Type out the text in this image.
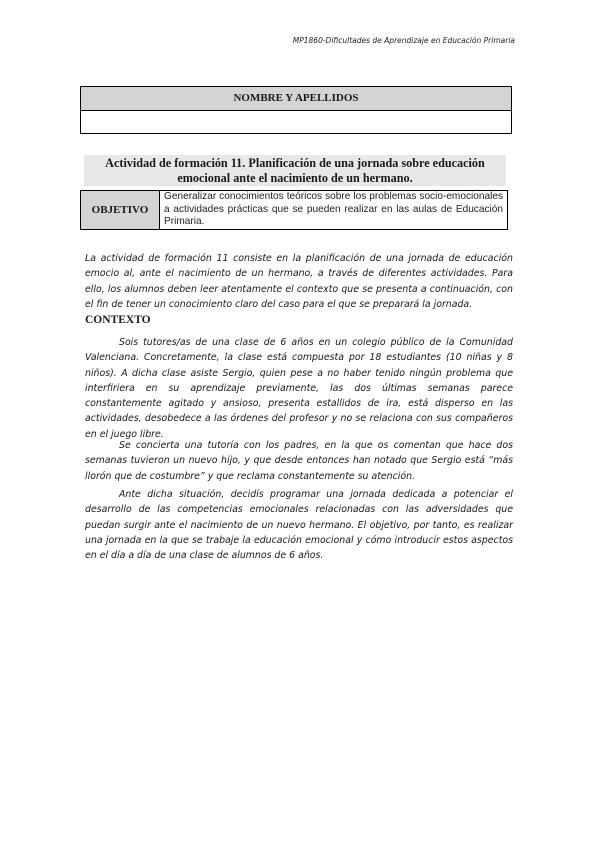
MP1860-Dificultades de Aprendizaje en Educación Primaria
NOMBRE Y APELLIDOS
Actividad de formación 11. Planificación de una jornada sobre educación
emocional ante el nacimiento de un hermano.
OBJETIVO
Generalizar conocimientos teóricos sobre los problemas socio-emocionales a actividades prácticas que se pueden realizar en las aulas de Educación Primaria.

La actividad de formación 11 consiste en la planificación de una jornada de educación emocio al, ante el nacimiento de un hermano, a través de diferentes actividades. Para ello, los alumnos deben leer atentamente el contexto que se presenta a continuación, con el fin de tener un conocimiento claro del caso para el que se preparará la jornada.

CONTEXTO

Sois tutores/as de una clase de 6 años en un colegio público de la Comunidad Valenciana. Concretamente, la clase está compuesta por 18 estudiantes (10 niñas y 8 niños). A dicha clase asiste Sergio, quien pese a no haber tenido ningún problema que interfiriera en su aprendizaje previamente, las dos últimas semanas parece constantemente agitado y ansioso, presenta estallidos de ira, está disperso en las actividades, desobedece a las órdenes del profesor y no se relaciona con sus compañeros en el juego libre.

Se concierta una tutoría con los padres, en la que os comentan que hace dos semanas tuvieron un nuevo hijo, y que desde entonces han notado que Sergio está “más llorón que de costumbre” y que reclama constantemente su atención.

Ante dicha situación, decidís programar una jornada dedicada a potenciar el desarrollo de las competencias emocionales relacionadas con las adversidades que puedan surgir ante el nacimiento de un nuevo hermano. El objetivo, por tanto, es realizar una jornada en la que se trabaje la educación emocional y cómo introducir estos aspectos en el día a día de una clase de alumnos de 6 años.
